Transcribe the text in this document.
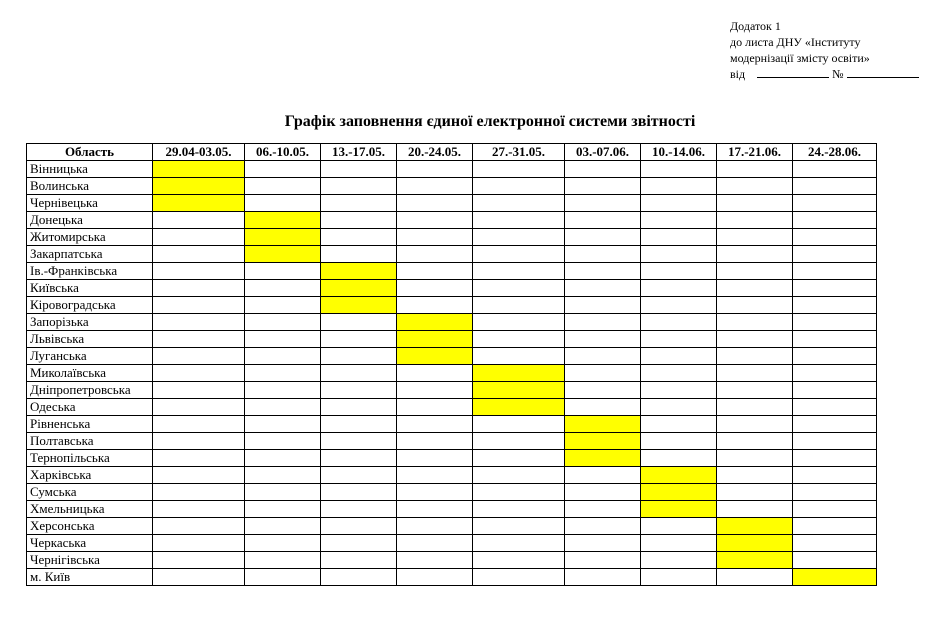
Додаток 1
до листа ДНУ «Інституту
модернізації змісту освіти»
від	№
Графік заповнення єдиної електронної системи звітності
Область	29.04-03.05.	06.-10.05.	13.-17.05.	20.-24.05.	27.-31.05.	03.-07.06.	10.-14.06.	17.-21.06.	24.-28.06.
Вінницька									
Волинська									
Чернівецька									
Донецька									
Житомирська									
Закарпатська									
Ів.-Франківська									
Київська									
Кіровоградська									
Запорізька									
Львівська									
Луганська									
Миколаївська									
Дніпропетровська									
Одеська									
Рівненська									
Полтавська									
Тернопільська									
Харківська									
Сумська									
Хмельницька									
Херсонська									
Черкаська									
Чернігівська									
м. Київ									
